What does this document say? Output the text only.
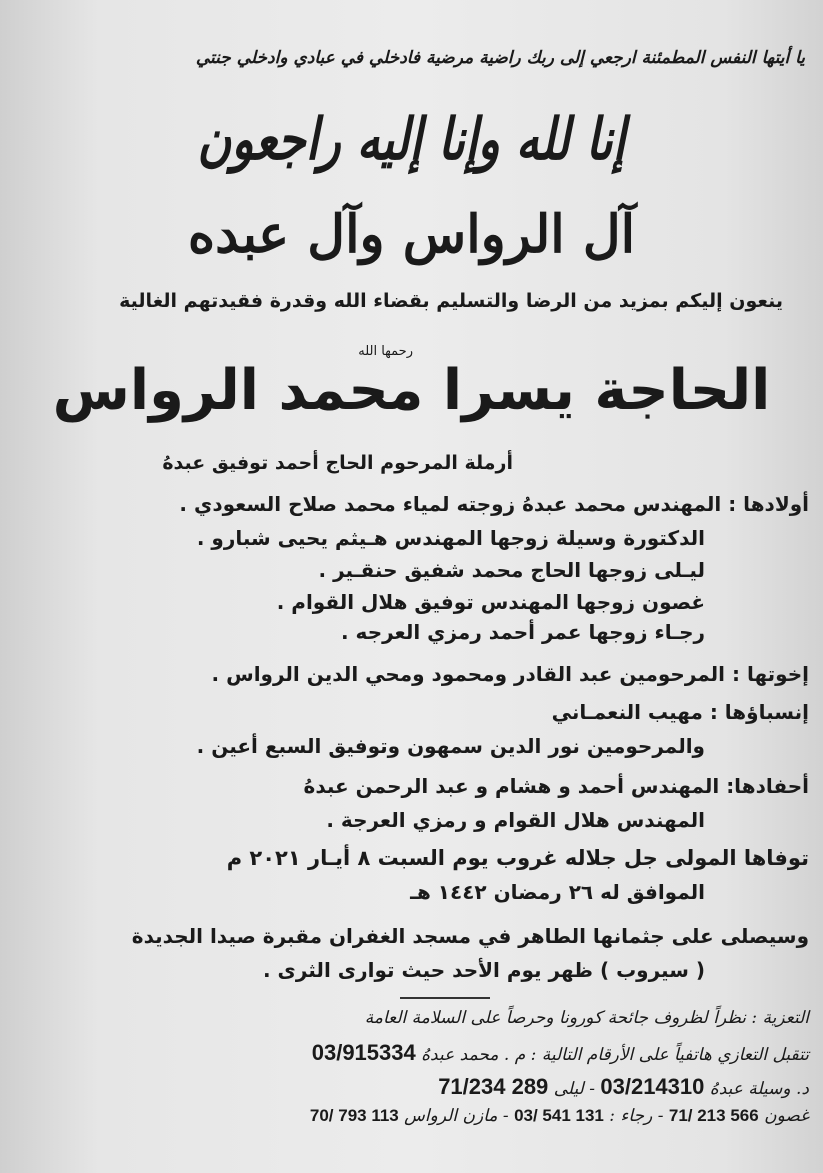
يا أيتها النفس المطمئنة ارجعي إلى ربك راضية مرضية فادخلي في عبادي وادخلي جنتي
إنا لله وإنا إليه راجعون
آل الرواس وآل عبده
ينعون إليكم بمزيد من الرضا والتسليم بقضاء الله وقدرة فقيدتهم الغالية
رحمها الله
الحاجة يسرا محمد الرواس
أرملة المرحوم الحاج أحمد توفيق عبدهُ
أولادها : المهندس محمد عبدهُ زوجته لمياء محمد صلاح السعودي .
الدكتورة وسيلة زوجها المهندس هـيثم يحيى شبارو .
ليـلى زوجها الحاج محمد شفيق حنقـير .
غصون زوجها المهندس توفيق هلال القوام .
رجـاء زوجها عمر أحمد رمزي العرجه .
إخوتها : المرحومين عبد القادر ومحمود ومحي الدين الرواس .
إنسباؤها : مهيب النعمـاني
والمرحومين نور الدين سمهون وتوفيق السبع أعين .
أحفادها: المهندس أحمد و هشام و عبد الرحمن عبدهُ
المهندس هلال القوام و رمزي العرجة .
توفاها المولى جل جلاله غروب يوم السبت ٨ أيـار ٢٠٢١ م
الموافق له ٢٦ رمضان ١٤٤٢ هـ
وسيصلى على جثمانها الطاهر في مسجد الغفران مقبرة صيدا الجديدة
( سيروب ) ظهر يوم الأحد حيث توارى الثرى .
التعزية : نظراً لظروف جائحة كورونا وحرصاً على السلامة العامة
تتقبل التعازي هاتفياً على الأرقام التالية : م . محمد عبدهُ 03/915334
د. وسيلة عبدهُ 03/214310 - ليلى 71/234 289
غصون 71/ 213 566 - رجاء : 03/ 541 131 - مازن الرواس 70/ 793 113
